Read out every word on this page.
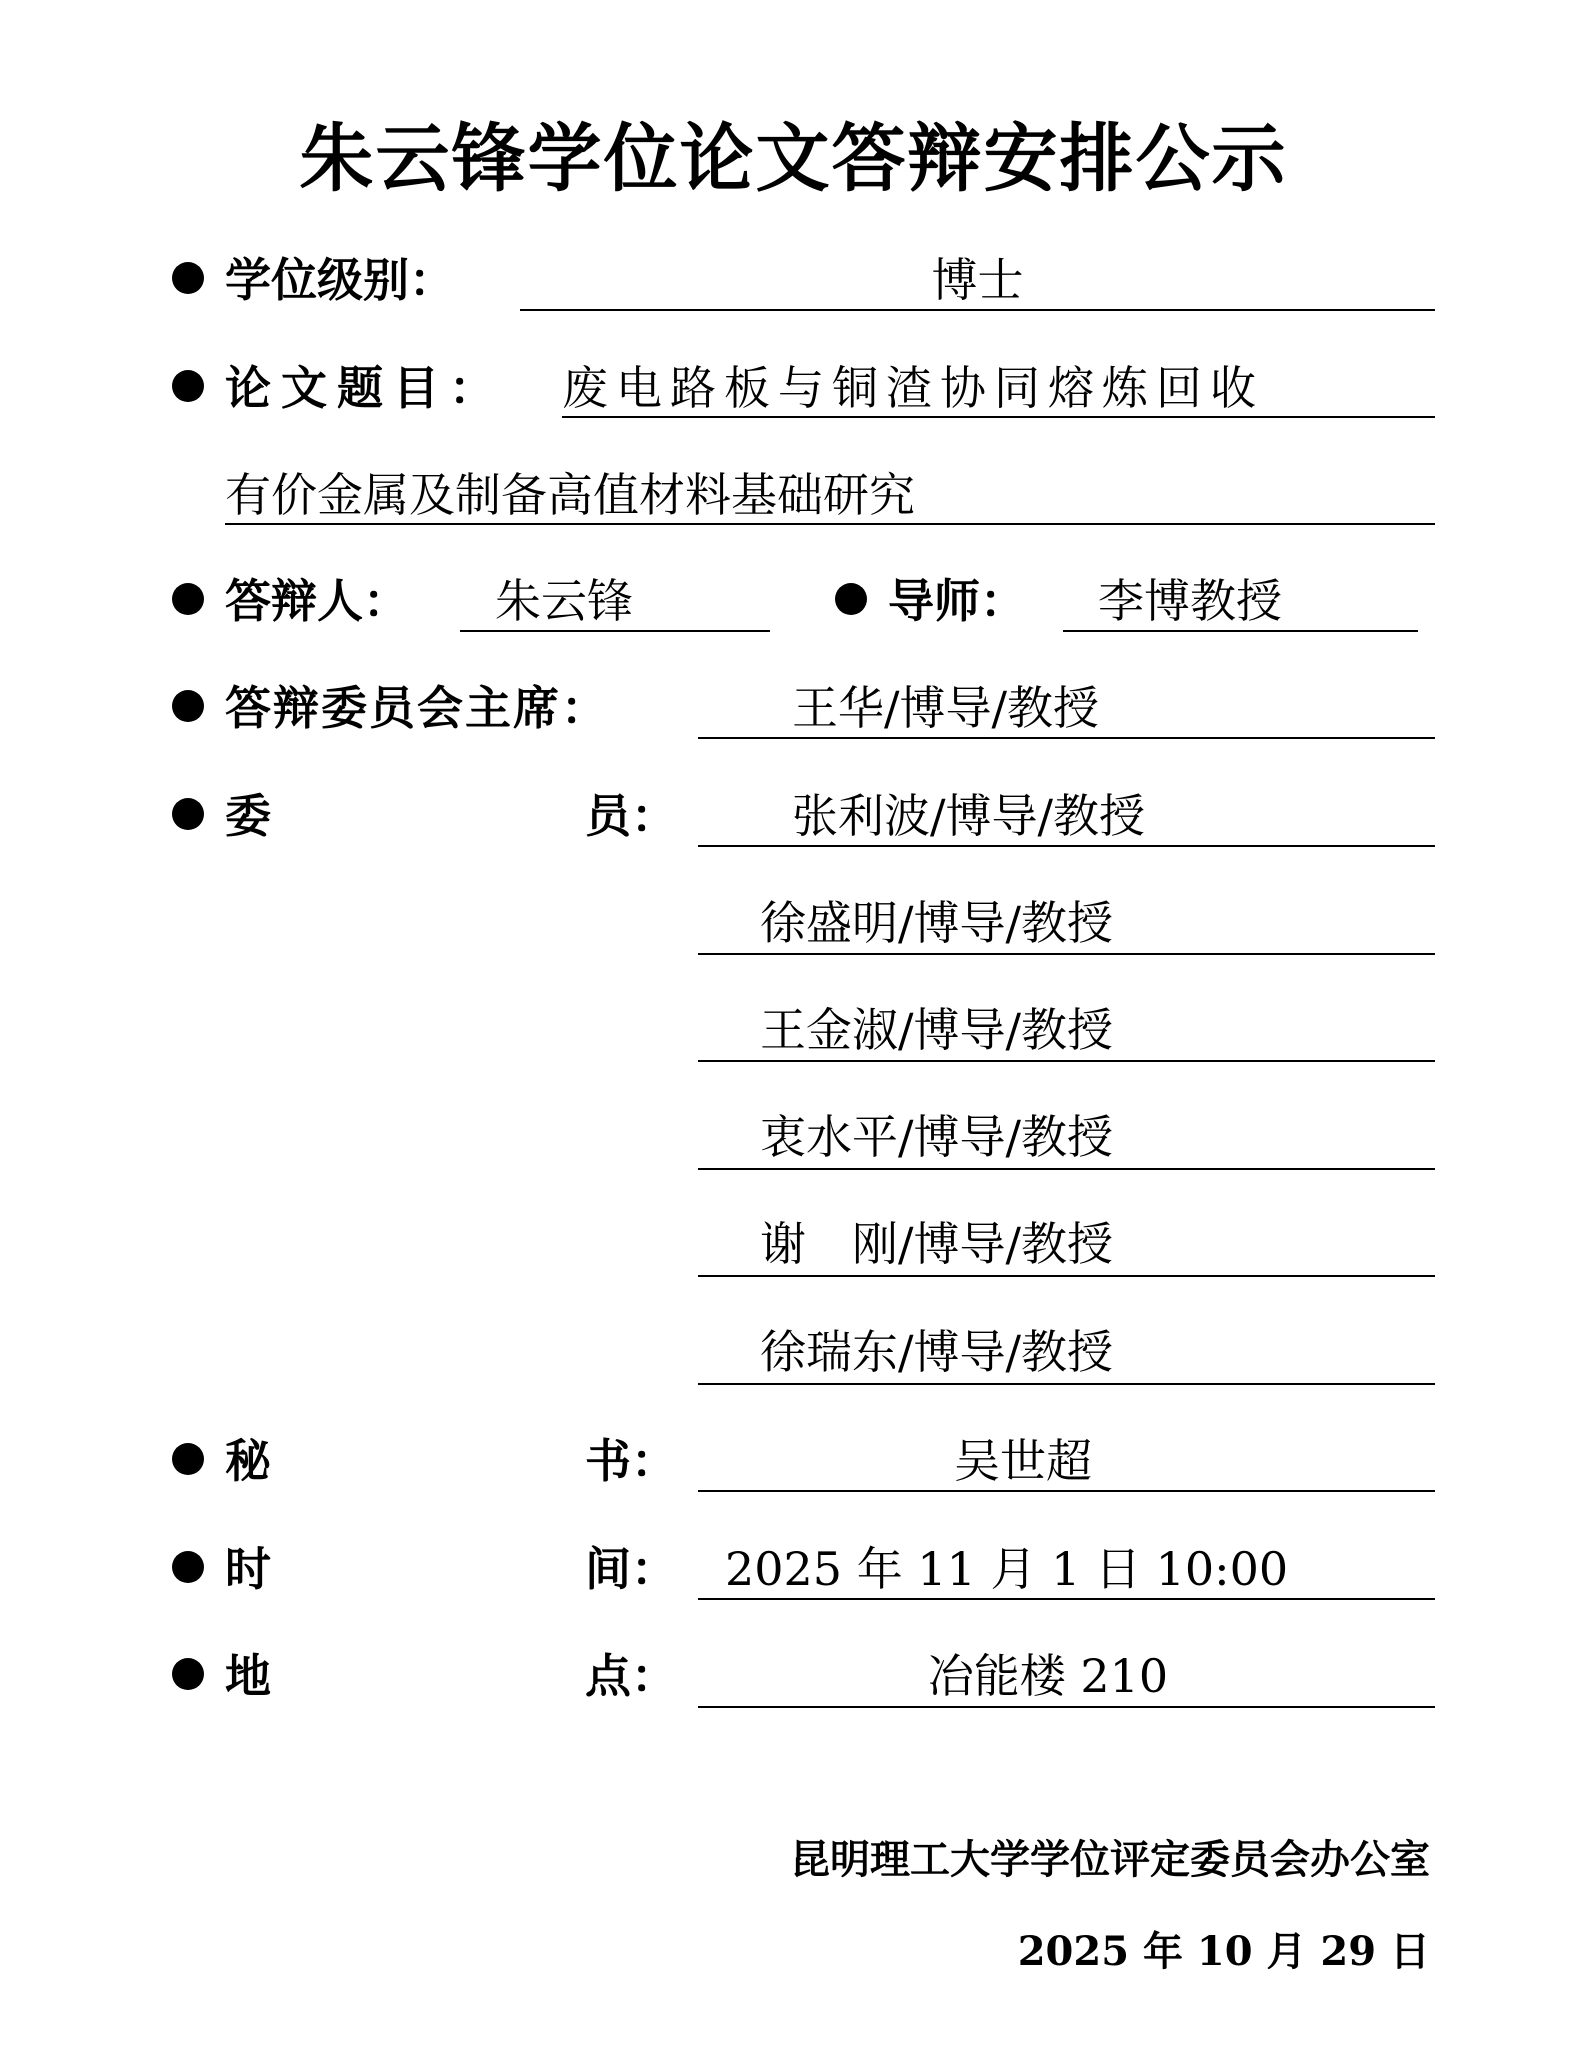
朱云锋学位论文答辩安排公示
学位级别：	博士
论文题目： 废电路板与铜渣协同熔炼回收
有价金属及制备高值材料基础研究
答辩人： 朱云锋	导师： 李博教授
答辩委员会主席：	王华/博导/教授
委	员：	张利波/博导/教授
徐盛明/博导/教授
王金淑/博导/教授
衷水平/博导/教授
谢　刚/博导/教授
徐瑞东/博导/教授
秘	书：	吴世超
时	间： 2025 年 11 月 1 日 10:00
地	点：	冶能楼 210
昆明理工大学学位评定委员会办公室
2025 年 10 月 29 日
